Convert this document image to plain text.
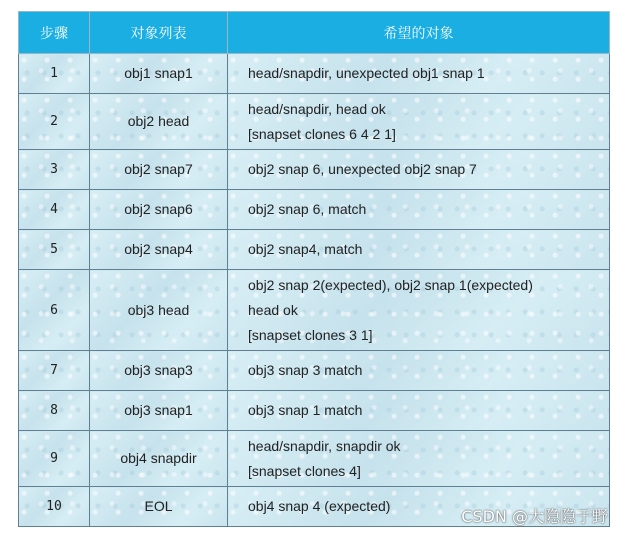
步骤	对象列表	希望的对象
1	obj1 snap1	head/snapdir, unexpected obj1 snap 1

2	obj2 head	head/snapdir, head ok
[snapset clones 6 4 2 1]

3	obj2 snap7	obj2 snap 6, unexpected obj2 snap 7

4	obj2 snap6	obj2 snap 6, match

5	obj2 snap4	obj2 snap4, match

6	obj3 head	obj2 snap 2(expected), obj2 snap 1(expected)
head ok
[snapset clones 3 1]

7	obj3 snap3	obj3 snap 3 match

8	obj3 snap1	obj3 snap 1 match

9	obj4 snapdir	head/snapdir, snapdir ok
[snapset clones 4]

10	EOL	obj4 snap 4 (expected)
CSDN @大隐隐于野
